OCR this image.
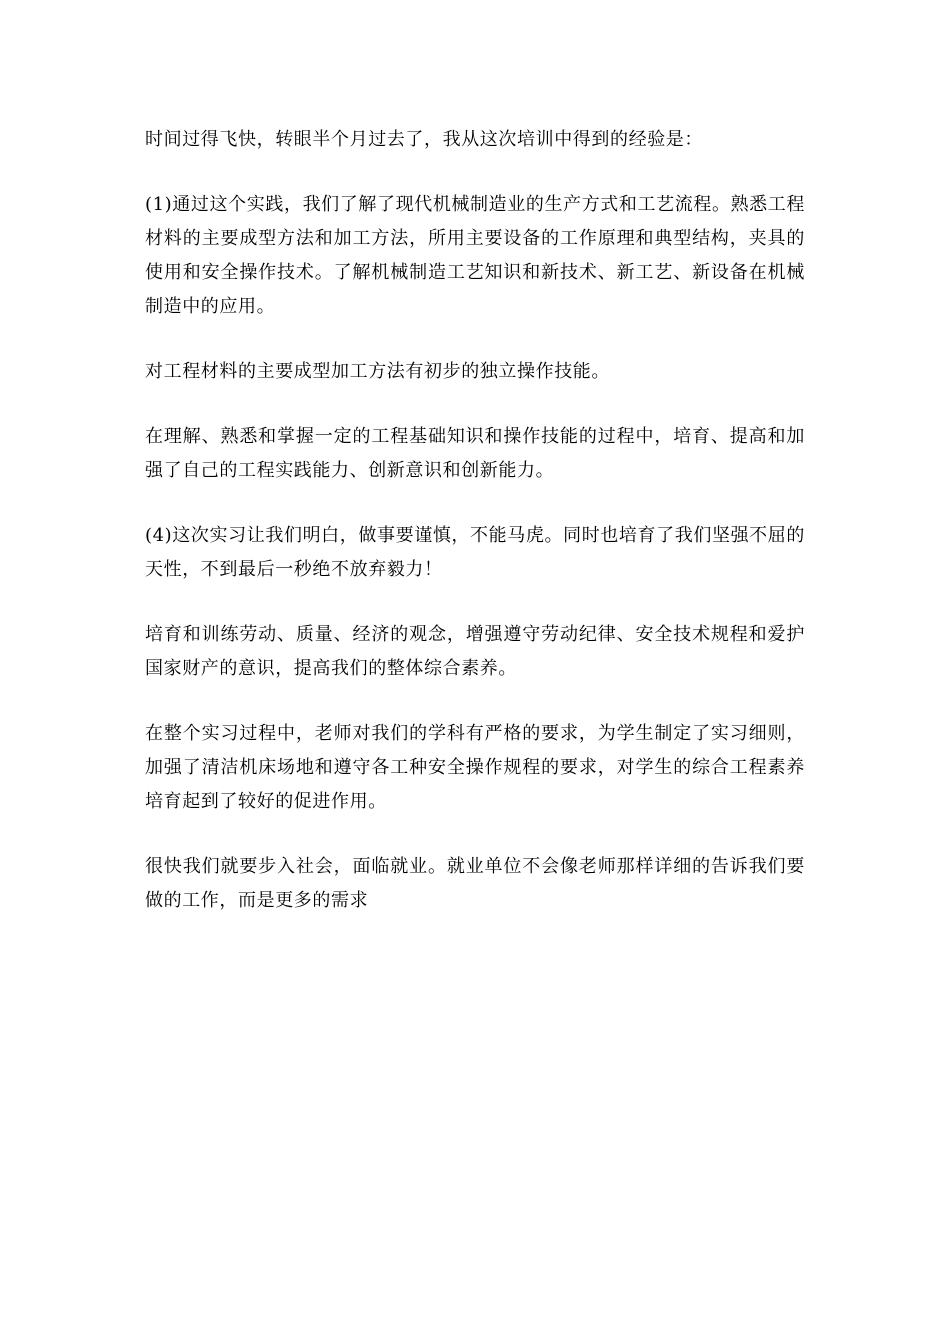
时间过得飞快，转眼半个月过去了，我从这次培训中得到的经验是：

(1)通过这个实践，我们了解了现代机械制造业的生产方式和工艺流程。熟悉工程材料的主要成型方法和加工方法，所用主要设备的工作原理和典型结构，夹具的使用和安全操作技术。了解机械制造工艺知识和新技术、新工艺、新设备在机械制造中的应用。

对工程材料的主要成型加工方法有初步的独立操作技能。

在理解、熟悉和掌握一定的工程基础知识和操作技能的过程中，培育、提高和加强了自己的工程实践能力、创新意识和创新能力。

(4)这次实习让我们明白，做事要谨慎，不能马虎。同时也培育了我们坚强不屈的天性，不到最后一秒绝不放弃毅力！

培育和训练劳动、质量、经济的观念，增强遵守劳动纪律、安全技术规程和爱护国家财产的意识，提高我们的整体综合素养。

在整个实习过程中，老师对我们的学科有严格的要求，为学生制定了实习细则，加强了清洁机床场地和遵守各工种安全操作规程的要求，对学生的综合工程素养培育起到了较好的促进作用。

很快我们就要步入社会，面临就业。就业单位不会像老师那样详细的告诉我们要做的工作，而是更多的需求
